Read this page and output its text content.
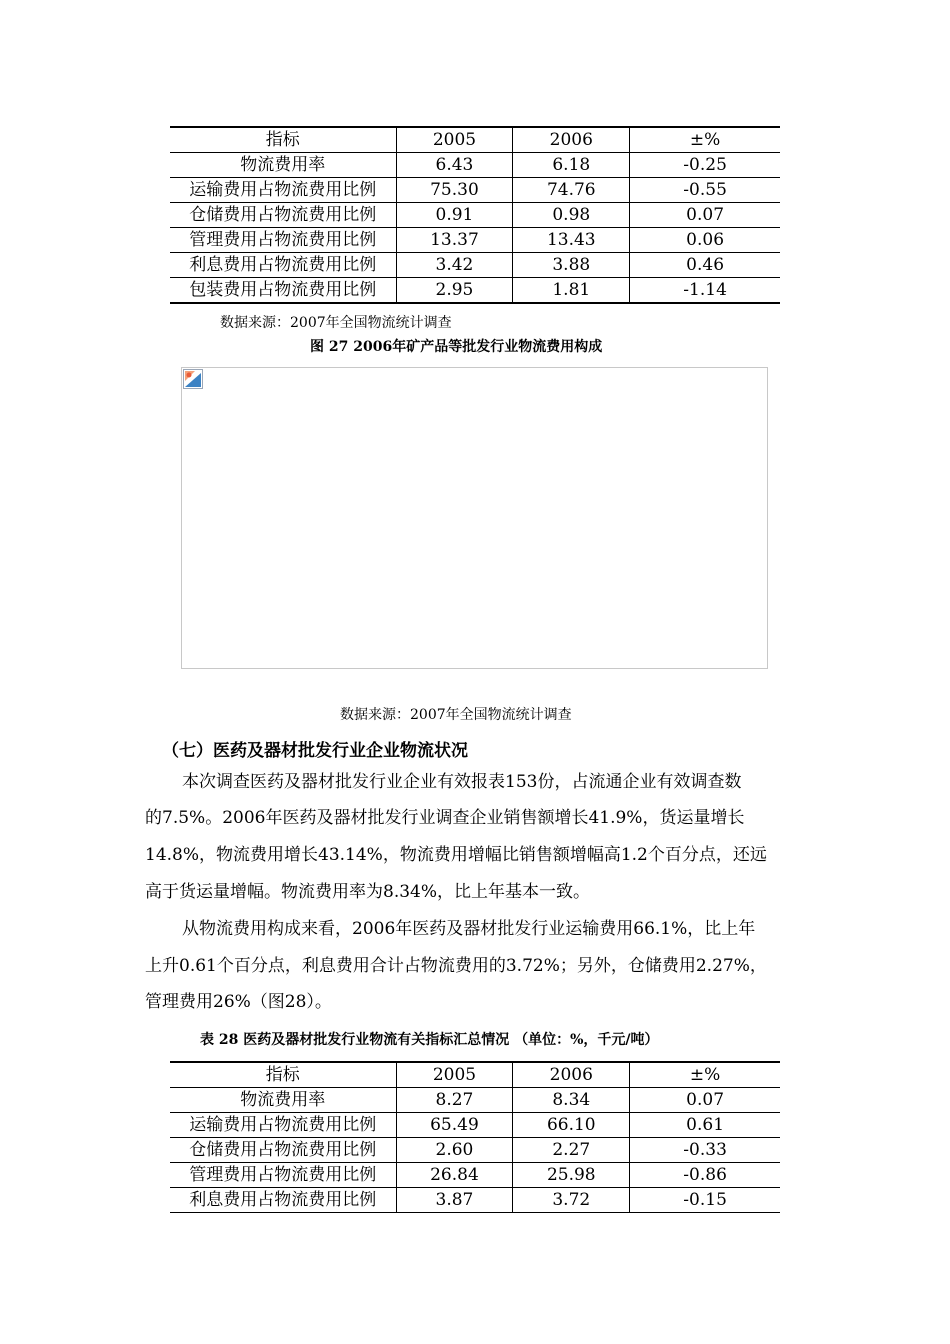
指标	2005	2006	±%
物流费用率	6.43	6.18	-0.25
运输费用占物流费用比例	75.30	74.76	-0.55
仓储费用占物流费用比例	0.91	0.98	0.07
管理费用占物流费用比例	13.37	13.43	0.06
利息费用占物流费用比例	3.42	3.88	0.46
包装费用占物流费用比例	2.95	1.81	-1.14
数据来源：2007年全国物流统计调查
图 27 2006年矿产品等批发行业物流费用构成
数据来源：2007年全国物流统计调查
（七）医药及器材批发行业企业物流状况
本次调查医药及器材批发行业企业有效报表153份，占流通企业有效调查数
的7.5%。2006年医药及器材批发行业调查企业销售额增长41.9%，货运量增长
14.8%，物流费用增长43.14%，物流费用增幅比销售额增幅高1.2个百分点，还远
高于货运量增幅。物流费用率为8.34%，比上年基本一致。
从物流费用构成来看，2006年医药及器材批发行业运输费用66.1%，比上年
上升0.61个百分点，利息费用合计占物流费用的3.72%；另外，仓储费用2.27%，
管理费用26%（图28）。
表 28 医药及器材批发行业物流有关指标汇总情况 （单位：%，千元/吨）
指标	2005	2006	±%
物流费用率	8.27	8.34	0.07
运输费用占物流费用比例	65.49	66.10	0.61
仓储费用占物流费用比例	2.60	2.27	-0.33
管理费用占物流费用比例	26.84	25.98	-0.86
利息费用占物流费用比例	3.87	3.72	-0.15
